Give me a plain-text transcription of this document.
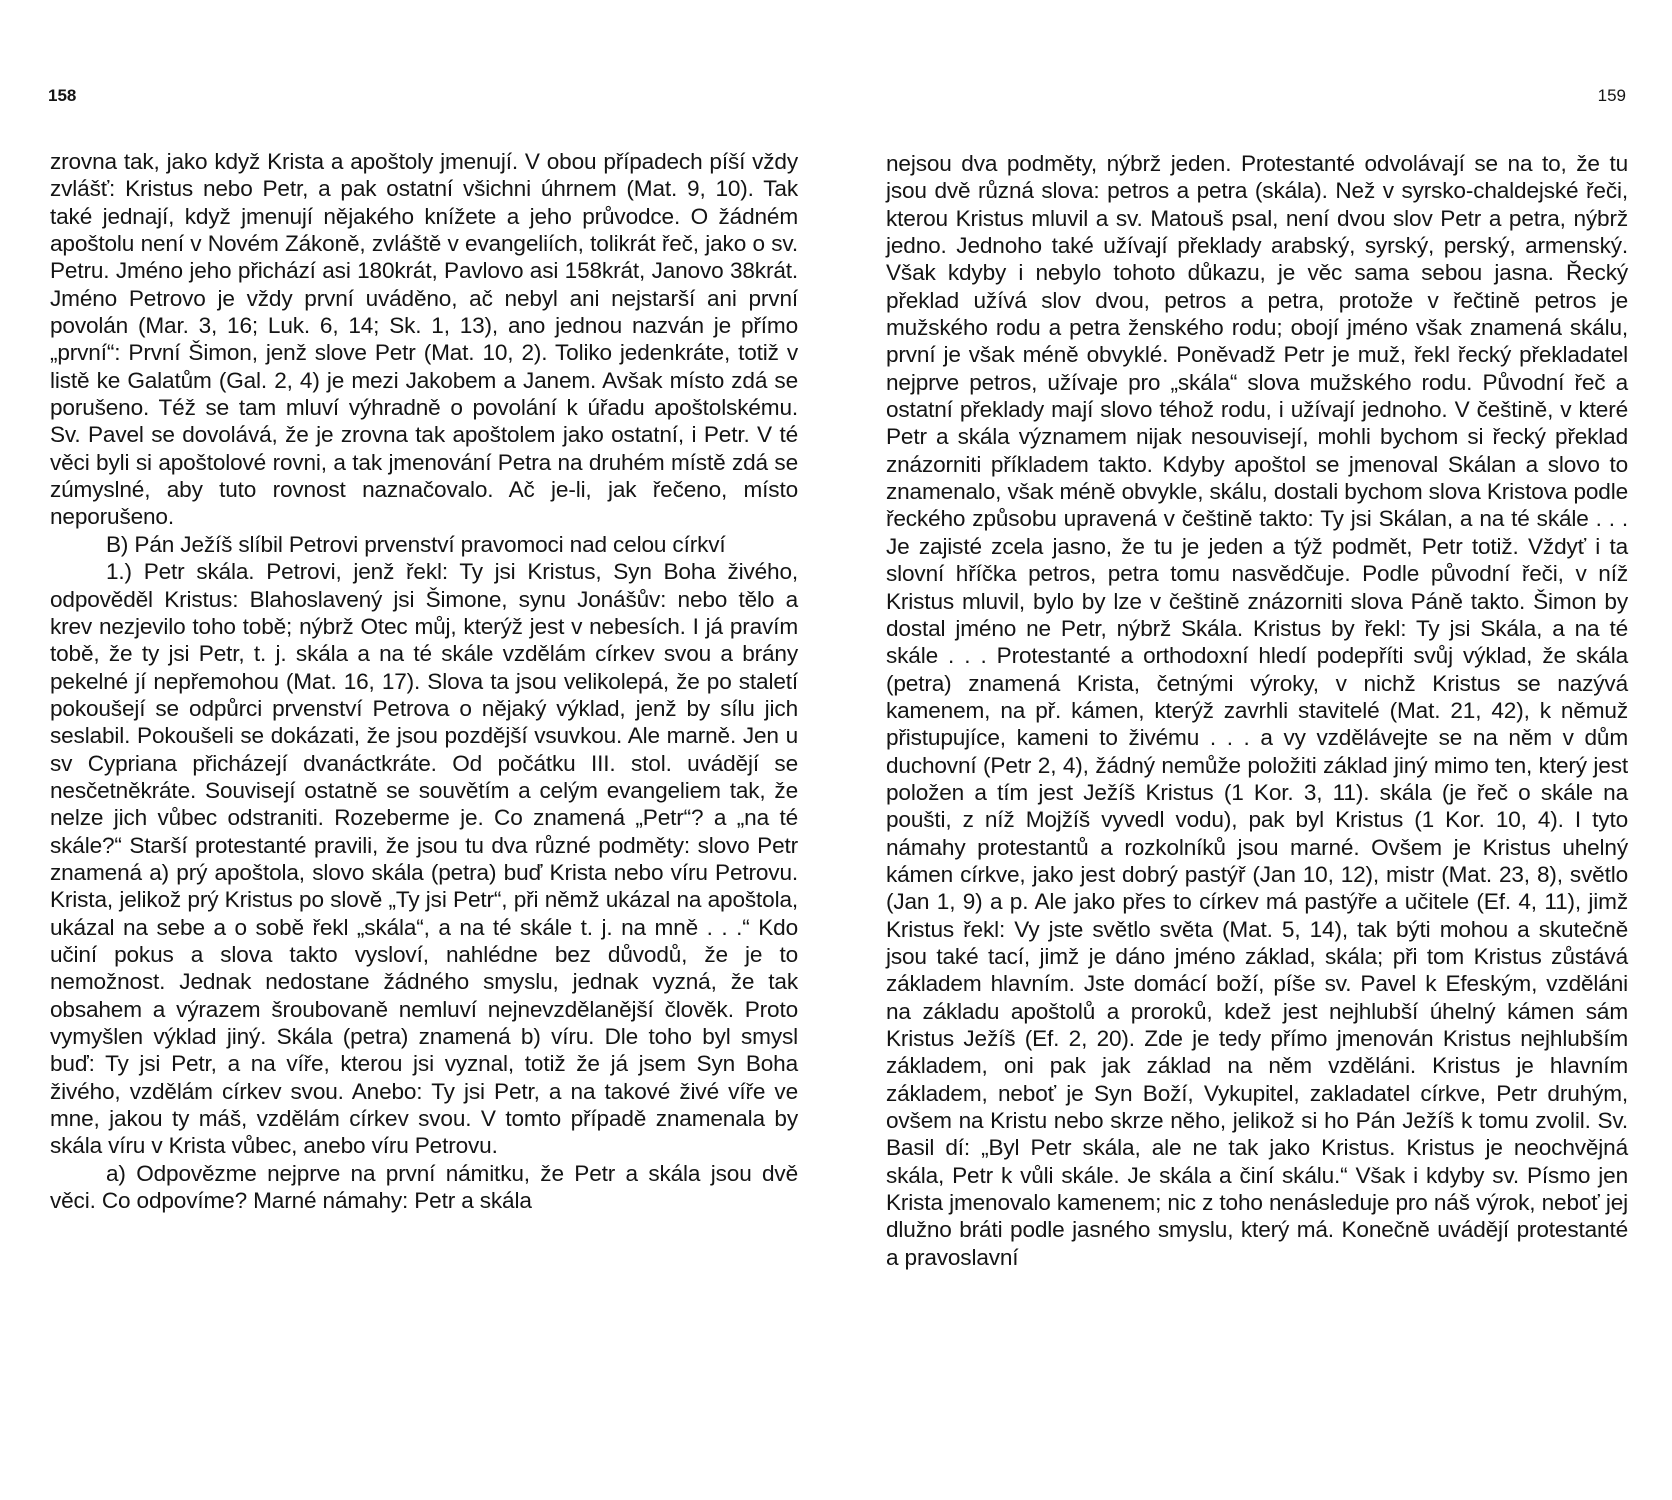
158

zrovna tak, jako když Krista a apoštoly jmenují. V obou případech píší vždy zvlášť: Kristus nebo Petr, a pak ostatní všichni úhrnem (Mat. 9, 10). Tak také jednají, když jmenují nějakého knížete a jeho průvodce. O žádném apoštolu není v Novém Zákoně, zvláště v evangeliích, tolikrát řeč, jako o sv. Petru. Jméno jeho přichází asi 180krát, Pavlovo asi 158krát, Janovo 38krát. Jméno Petrovo je vždy první uváděno, ač nebyl ani nejstarší ani první povolán (Mar. 3, 16; Luk. 6, 14; Sk. 1, 13), ano jednou nazván je přímo „první“: První Šimon, jenž slove Petr (Mat. 10, 2). Toliko jedenkráte, totiž v listě ke Galatům (Gal. 2, 4) je mezi Jakobem a Janem. Avšak místo zdá se porušeno. Též se tam mluví výhradně o povolání k úřadu apoštolskému. Sv. Pavel se dovolává, že je zrovna tak apoštolem jako ostatní, i Petr. V té věci byli si apoštolové rovni, a tak jmenování Petra na druhém místě zdá se zúmyslné, aby tuto rovnost naznačovalo. Ač je-li, jak řečeno, místo neporušeno.

B) Pán Ježíš slíbil Petrovi prvenství pravomoci nad celou církví

1.) Petr skála. Petrovi, jenž řekl: Ty jsi Kristus, Syn Boha živého, odpověděl Kristus: Blahoslavený jsi Šimone, synu Jonášův: nebo tělo a krev nezjevilo toho tobě; nýbrž Otec můj, kterýž jest v nebesích. I já pravím tobě, že ty jsi Petr, t. j. skála a na té skále vzdělám církev svou a brány pekelné jí nepřemohou (Mat. 16, 17). Slova ta jsou velikolepá, že po staletí pokoušejí se odpůrci prvenství Petrova o nějaký výklad, jenž by sílu jich seslabil. Pokoušeli se dokázati, že jsou pozdější vsuvkou. Ale marně. Jen u sv Cypriana přicházejí dvanáctkráte. Od počátku III. stol. uvádějí se nesčetněkráte. Souvisejí ostatně se souvětím a celým evangeliem tak, že nelze jich vůbec odstraniti. Rozeberme je. Co znamená „Petr“? a „na té skále?“ Starší protestanté pravili, že jsou tu dva různé podměty: slovo Petr znamená a) prý apoštola, slovo skála (petra) buď Krista nebo víru Petrovu. Krista, jelikož prý Kristus po slově „Ty jsi Petr“, při němž ukázal na apoštola, ukázal na sebe a o sobě řekl „skála“, a na té skále t. j. na mně . . .“ Kdo učiní pokus a slova takto vysloví, nahlédne bez důvodů, že je to nemožnost. Jednak nedostane žádného smyslu, jednak vyzná, že tak obsahem a výrazem šroubovaně nemluví nejnevzdělanější člověk. Proto vymyšlen výklad jiný. Skála (petra) znamená b) víru. Dle toho byl smysl buď: Ty jsi Petr, a na víře, kterou jsi vyznal, totiž že já jsem Syn Boha živého, vzdělám církev svou. Anebo: Ty jsi Petr, a na takové živé víře ve mne, jakou ty máš, vzdělám církev svou. V tomto případě znamenala by skála víru v Krista vůbec, anebo víru Petrovu.

a) Odpovězme nejprve na první námitku, že Petr a skála jsou dvě věci. Co odpovíme? Marné námahy: Petr a skála

159

nejsou dva podměty, nýbrž jeden. Protestanté odvolávají se na to, že tu jsou dvě různá slova: petros a petra (skála). Než v syrsko-chaldejské řeči, kterou Kristus mluvil a sv. Matouš psal, není dvou slov Petr a petra, nýbrž jedno. Jednoho také užívají překlady arabský, syrský, perský, armenský. Však kdyby i nebylo tohoto důkazu, je věc sama sebou jasna. Řecký překlad užívá slov dvou, petros a petra, protože v řečtině petros je mužského rodu a petra ženského rodu; obojí jméno však znamená skálu, první je však méně obvyklé. Poněvadž Petr je muž, řekl řecký překladatel nejprve petros, užívaje pro „skála“ slova mužského rodu. Původní řeč a ostatní překlady mají slovo téhož rodu, i užívají jednoho. V češtině, v které Petr a skála významem nijak nesouvisejí, mohli bychom si řecký překlad znázorniti příkladem takto. Kdyby apoštol se jmenoval Skálan a slovo to znamenalo, však méně obvykle, skálu, dostali bychom slova Kristova podle řeckého způsobu upravená v češtině takto: Ty jsi Skálan, a na té skále . . . Je zajisté zcela jasno, že tu je jeden a týž podmět, Petr totiž. Vždyť i ta slovní hříčka petros, petra tomu nasvědčuje. Podle původní řeči, v níž Kristus mluvil, bylo by lze v češtině znázorniti slova Páně takto. Šimon by dostal jméno ne Petr, nýbrž Skála. Kristus by řekl: Ty jsi Skála, a na té skále . . . Protestanté a orthodoxní hledí podepříti svůj výklad, že skála (petra) znamená Krista, četnými výroky, v nichž Kristus se nazývá kamenem, na př. kámen, kterýž zavrhli stavitelé (Mat. 21, 42), k němuž přistupujíce, kameni to živému . . . a vy vzdělávejte se na něm v dům duchovní (Petr 2, 4), žádný nemůže položiti základ jiný mimo ten, který jest položen a tím jest Ježíš Kristus (1 Kor. 3, 11). skála (je řeč o skále na poušti, z níž Mojžíš vyvedl vodu), pak byl Kristus (1 Kor. 10, 4). I tyto námahy protestantů a rozkolníků jsou marné. Ovšem je Kristus uhelný kámen církve, jako jest dobrý pastýř (Jan 10, 12), mistr (Mat. 23, 8), světlo (Jan 1, 9) a p. Ale jako přes to církev má pastýře a učitele (Ef. 4, 11), jimž Kristus řekl: Vy jste světlo světa (Mat. 5, 14), tak býti mohou a skutečně jsou také tací, jimž je dáno jméno základ, skála; při tom Kristus zůstává základem hlavním. Jste domácí boží, píše sv. Pavel k Efeským, vzděláni na základu apoštolů a proroků, kdež jest nejhlubší úhelný kámen sám Kristus Ježíš (Ef. 2, 20). Zde je tedy přímo jmenován Kristus nejhlubším základem, oni pak jak základ na něm vzděláni. Kristus je hlavním základem, neboť je Syn Boží, Vykupitel, zakladatel církve, Petr druhým, ovšem na Kristu nebo skrze něho, jelikož si ho Pán Ježíš k tomu zvolil. Sv. Basil dí: „Byl Petr skála, ale ne tak jako Kristus. Kristus je neochvějná skála, Petr k vůli skále. Je skála a činí skálu.“ Však i kdyby sv. Písmo jen Krista jmenovalo kamenem; nic z toho nenásleduje pro náš výrok, neboť jej dlužno bráti podle jasného smyslu, který má. Konečně uvádějí protestanté a pravoslavní
